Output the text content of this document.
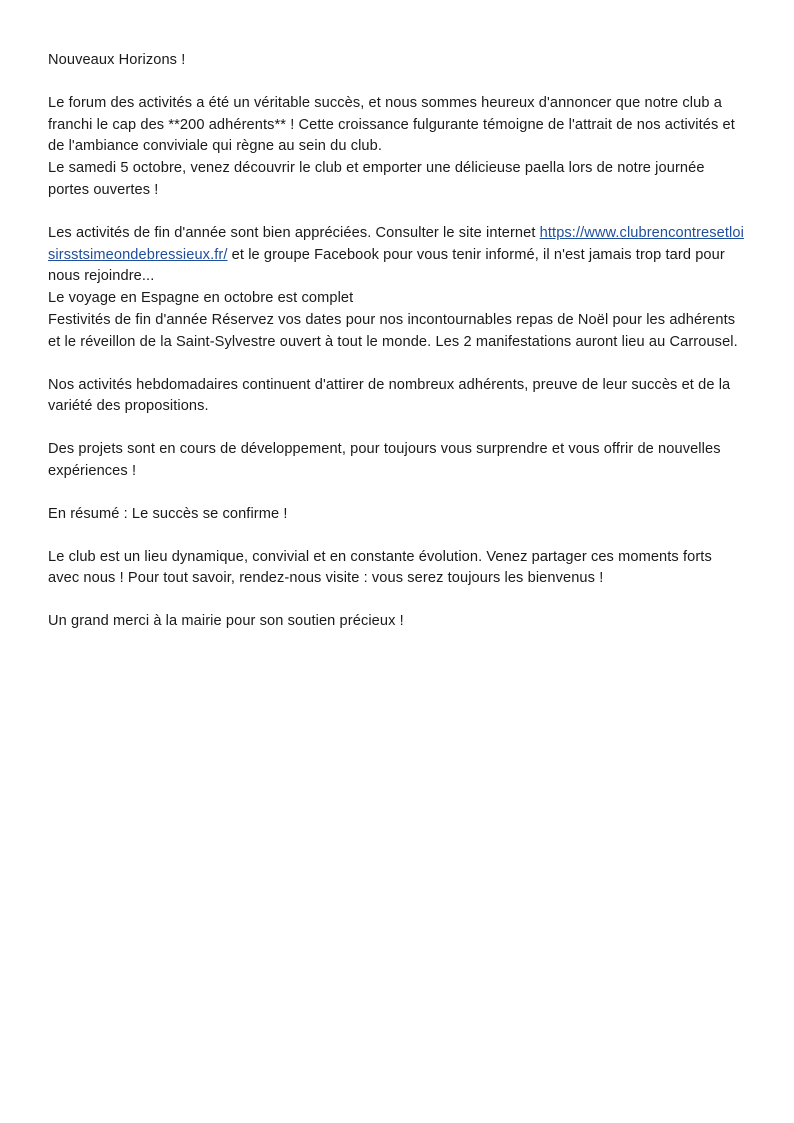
Nouveaux Horizons !

Le forum des activités a été un véritable succès, et nous sommes heureux d'annoncer que notre club a franchi le cap des **200 adhérents** ! Cette croissance fulgurante témoigne de l'attrait de nos activités et de l'ambiance conviviale qui règne au sein du club.

Le samedi 5 octobre, venez découvrir le club et emporter une délicieuse paella lors de notre journée portes ouvertes !

Les activités de fin d'année sont bien appréciées. Consulter le site internet https://www.clubrencontresetloisirsstsimeondebressieux.fr/ et le groupe Facebook pour vous tenir informé, il n'est jamais trop tard pour nous rejoindre...

Le voyage en Espagne en octobre est complet

Festivités de fin d'année Réservez vos dates pour nos incontournables repas de Noël pour les adhérents et le réveillon de la Saint-Sylvestre ouvert à tout le monde. Les 2 manifestations auront lieu au Carrousel.

Nos activités hebdomadaires continuent d'attirer de nombreux adhérents, preuve de leur succès et de la variété des propositions.

Des projets sont en cours de développement, pour toujours vous surprendre et vous offrir de nouvelles expériences !

En résumé : Le succès se confirme !

Le club est un lieu dynamique, convivial et en constante évolution. Venez partager ces moments forts avec nous ! Pour tout savoir, rendez-nous visite : vous serez toujours les bienvenus !

Un grand merci à la mairie pour son soutien précieux !
